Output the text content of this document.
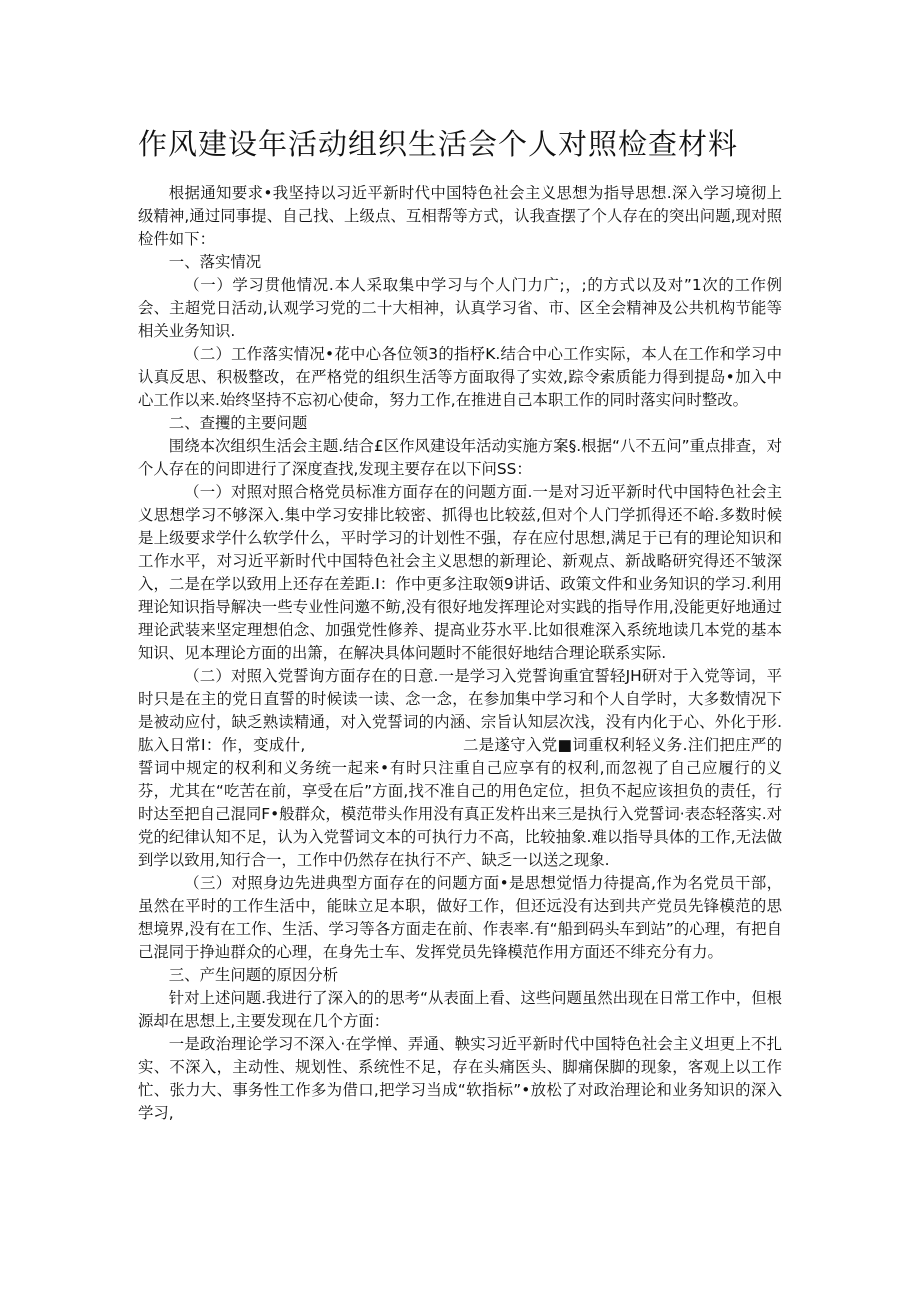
作风建设年活动组织生活会个人对照检查材料

根据通知要求•我坚持以习近平新时代中国特色社会主义思想为指导思想.深入学习境彻上级精神,通过同事提、自己找、上级点、互相帮等方式，认我查摆了个人存在的突出问题,现对照检件如下：

一、落实情况

（一）学习贯他情况.本人采取集中学习与个人门力广;，;的方式以及对”1次的工作例会、主超党日活动,认观学习党的二十大相神，认真学习省、市、区全会精神及公共机构节能等相关业务知识.

（二）工作落实情况•花中心各位领3的指杼K.结合中心工作实际，本人在工作和学习中认真反思、积极整改，在严格党的组织生活等方面取得了实效,踪令索质能力得到提岛•加入中心工作以来.始终坚持不忘初心使命，努力工作,在推进自己本职工作的同时落实问时整改。

二、查攫的主要问题

围绕本次组织生活会主题.结合£区作风建设年活动实施方案§.根据“八不五问”重点排查，对个人存在的问即进行了深度查找,发现主要存在以下问SS：

（一）对照对照合格党员标准方面存在的问题方面.一是对习近平新时代中国特色社会主义思想学习不够深入.集中学习安排比较密、抓得也比较兹,但对个人门学抓得还不峪.多数时候是上级要求学什么软学什么，平时学习的计划性不强，存在应付思想,满足于已有的理论知识和工作水平，对习近平新时代中国特色社会主义思想的新理论、新观点、新战略研究得还不皱深入，二是在学以致用上还存在差距.I：作中更多注取领9讲话、政策文件和业务知识的学习.利用理论知识指导解决一些专业性问邀不鲂,没有很好地发挥理论对实践的指导作用,没能更好地通过理论武装来坚定理想伯念、加强党性修养、提高业芬水平.比如很难深入系统地读几本党的基本知识、见本理论方面的出箫，在解决具体问题时不能很好地结合理论联系实际.

（二）对照入党誓询方面存在的日意.一是学习入党誓询重宜誓轻JH研对于入党等词，平时只是在主的党日直誓的时候读一读、念一念，在参加集中学习和个人自学时，大多数情况下是被动应付，缺乏熟读精通，对入党誓词的内涵、宗旨认知层次浅，没有内化于心、外化于形.肱入日常I：作，变成什,　　　　　　　　　　二是遂守入党■词重权利轻义务.注们把庄严的誓词中规定的权利和义务统一起来•有时只注重自己应享有的权利,而忽视了自己应履行的义芬，尤其在“吃苦在前，享受在后”方面,找不准自己的用色定位，担负不起应该担负的责任，行时达至把自己混同F•般群众，模范带头作用没有真正发杵出来三是执行入党誓词·表态轻落实.对党的纪律认知不足，认为入党誓词文本的可执行力不高，比较抽象.难以指导具体的工作,无法做到学以致用,知行合一，工作中仍然存在执行不产、缺乏一以送之现象.

（三）对照身边先进典型方面存在的问题方面•是思想觉悟力待提高,作为名党员干部，虽然在平时的工作生活中，能昧立足本职，做好工作，但还远没有达到共产党员先锋模范的思想境界,没有在工作、生活、学习等各方面走在前、作表率.有“船到码头车到站”的心理，有把自己混同于挣辿群众的心理，在身先士车、发挥党员先锋模范作用方面还不绯充分有力。

三、产生问题的原因分析

针对上述问题.我进行了深入的的思考“从表面上看、这些问题虽然出现在日常工作中，但根源却在思想上,主要发现在几个方面：

一是政治理论学习不深入·在学惮、弄通、鞅实习近平新时代中国特色社会主义坦更上不扎实、不深入，主动性、规划性、系统性不足，存在头痛医头、脚痛保脚的现象，客观上以工作忙、张力大、事务性工作多为借口,把学习当成“软指标”•放松了对政治理论和业务知识的深入学习,
